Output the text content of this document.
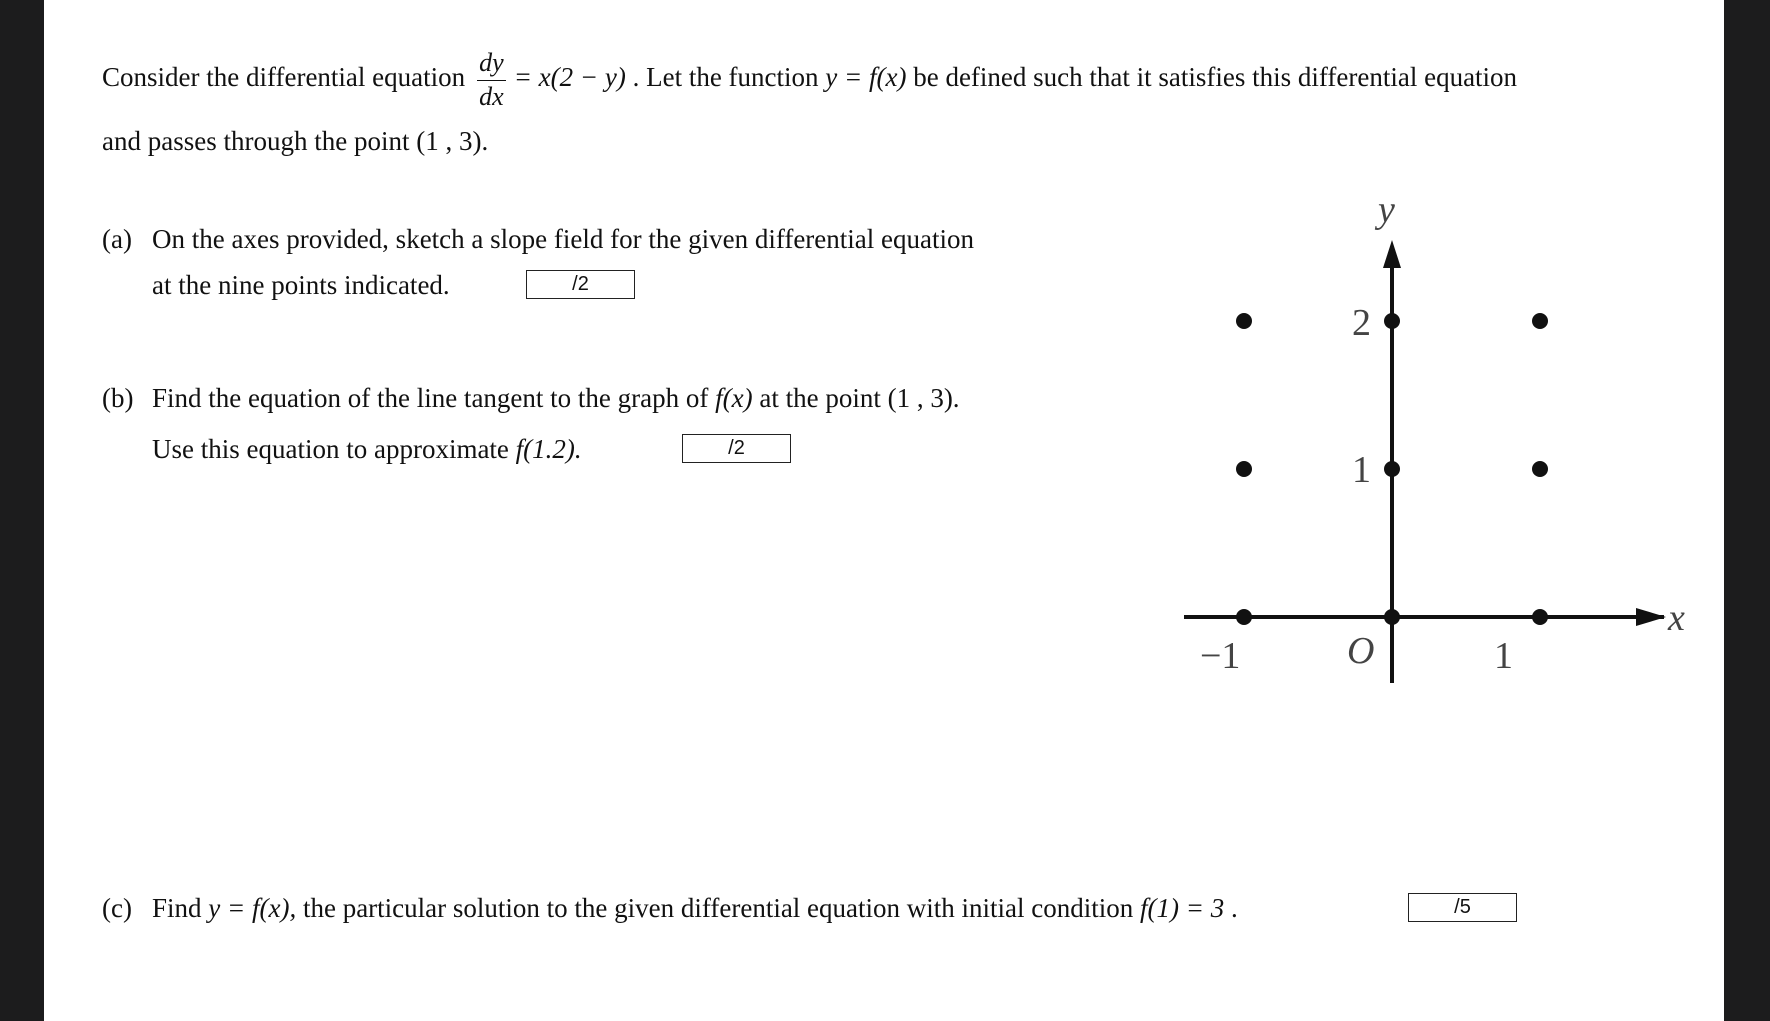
Consider the differential equation $\frac{dy}{dx} = x(2 - y)$ . Let the function y = f(x) be defined such that it satisfies this differential equation
and passes through the point (1 , 3).
(a) On the axes provided, sketch a slope field for the given differential equation
at the nine points indicated.	/2
(b) Find the equation of the line tangent to the graph of f(x) at the point (1 , 3).
Use this equation to approximate f(1.2).	/2
(c) Find y = f(x), the particular solution to the given differential equation with initial condition f(1) = 3 .	/5
x
y
O
−1	1
1
2
